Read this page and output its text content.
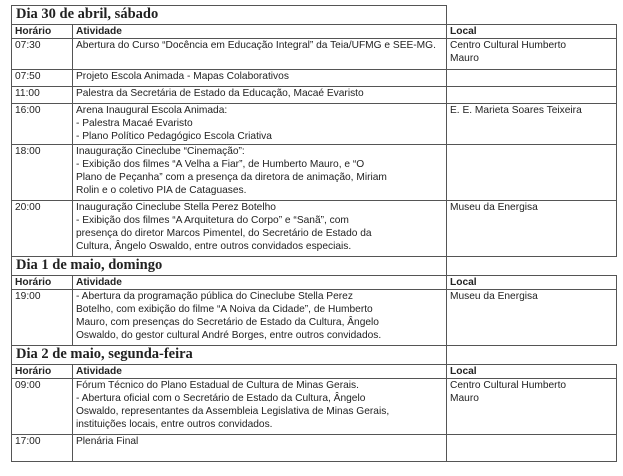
Dia 30 de abril, sábado		
Horário	Atividade	Local
07:30	Abertura do Curso “Docência em Educação Integral” da Teia/UFMG e SEE-MG.	Centro Cultural Humberto
Mauro
07:50	Projeto Escola Animada - Mapas Colaborativos	
11:00	Palestra da Secretária de Estado da Educação, Macaé Evaristo	
16:00	Arena Inaugural Escola Animada:
- Palestra Macaé Evaristo
- Plano Político Pedagógico Escola Criativa	E. E. Marieta Soares Teixeira
18:00	Inauguração Cineclube “Cinemação”:
- Exibição dos filmes “A Velha a Fiar”, de Humberto Mauro, e “O
Plano de Peçanha” com a presença da diretora de animação, Miriam
Rolin e o coletivo PIA de Cataguases.	
20:00	Inauguração Cineclube Stella Perez Botelho
- Exibição dos filmes “A Arquitetura do Corpo” e “Sanã”, com
presença do diretor Marcos Pimentel, do Secretário de Estado da
Cultura, Ângelo Oswaldo, entre outros convidados especiais.	Museu da Energisa
Dia 1 de maio, domingo		
Horário	Atividade	Local
19:00	- Abertura da programação pública do Cineclube Stella Perez
Botelho, com exibição do filme “A Noiva da Cidade”, de Humberto
Mauro, com presenças do Secretário de Estado da Cultura, Ângelo
Oswaldo, do gestor cultural André Borges, entre outros convidados.	Museu da Energisa
Dia 2 de maio, segunda-feira		
Horário	Atividade	Local
09:00	Fórum Técnico do Plano Estadual de Cultura de Minas Gerais.
- Abertura oficial com o Secretário de Estado da Cultura, Ângelo
Oswaldo, representantes da Assembleia Legislativa de Minas Gerais,
instituições locais, entre outros convidados.	Centro Cultural Humberto
Mauro
17:00	Plenária Final	
